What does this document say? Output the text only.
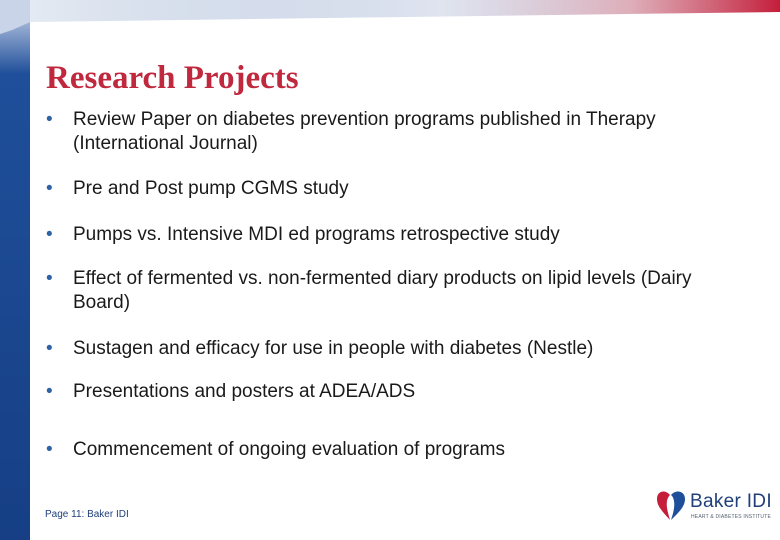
Research Projects
•	Review Paper on diabetes prevention programs published in Therapy (International Journal)
•	Pre and Post pump CGMS study
•	Pumps vs. Intensive MDI ed programs retrospective study
•	Effect of fermented vs. non-fermented diary products on lipid levels (Dairy Board)
•	Sustagen and efficacy for use in people with diabetes (Nestle)
•	Presentations and posters at ADEA/ADS
•	Commencement of ongoing evaluation of programs
Page 11: Baker IDI
Baker IDI
HEART & DIABETES INSTITUTE
